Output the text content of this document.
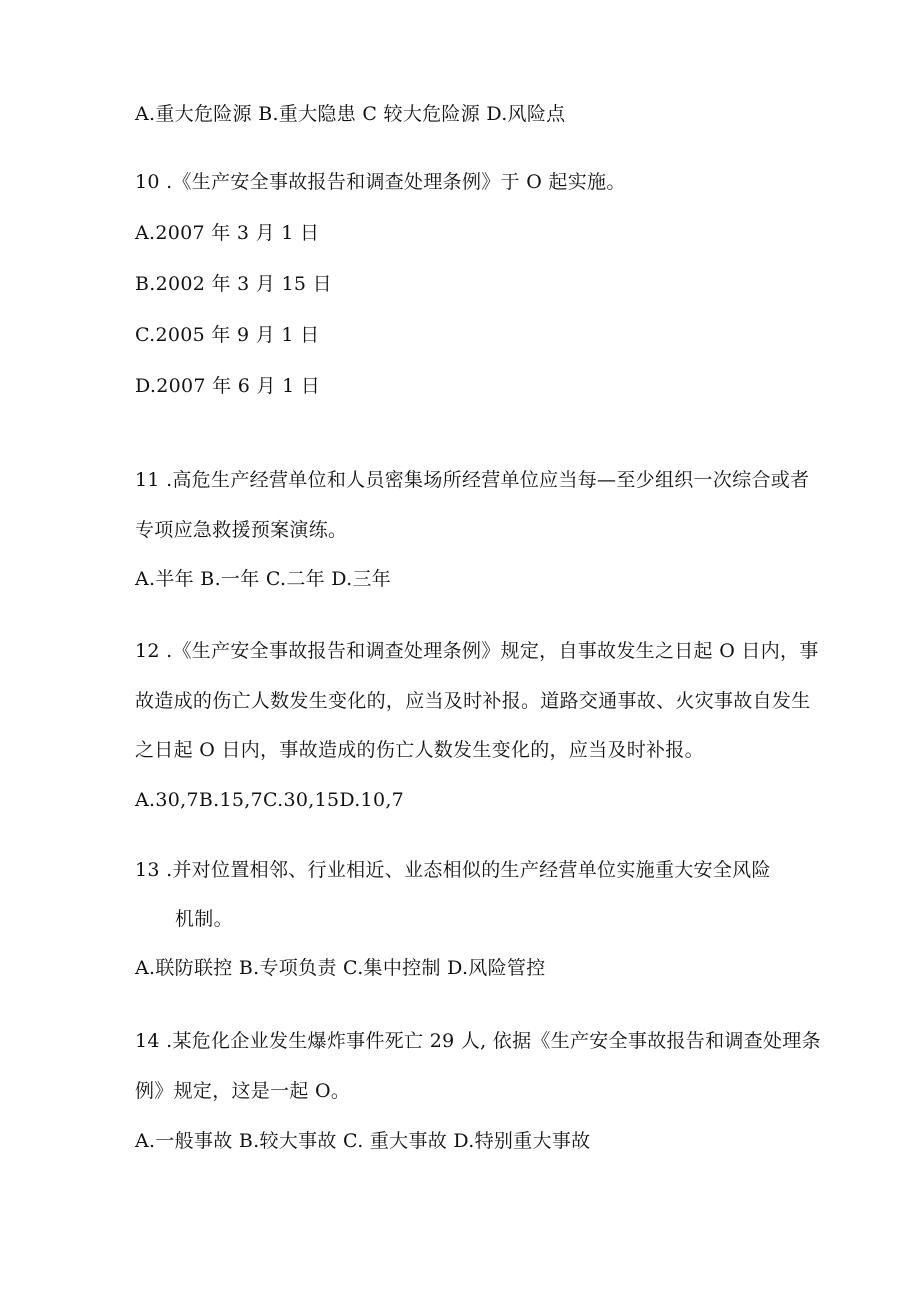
A.重大危险源 B.重大隐患 C 较大危险源 D.风险点
10 .《生产安全事故报告和调查处理条例》于 O 起实施。
A.2007 年 3 月 1 日
B.2002 年 3 月 15 日
C.2005 年 9 月 1 日
D.2007 年 6 月 1 日
11 .高危生产经营单位和人员密集场所经营单位应当每—至少组织一次综合或者
专项应急救援预案演练。
A.半年 B.一年 C.二年 D.三年
12 .《生产安全事故报告和调查处理条例》规定，自事故发生之日起 O 日内，事
故造成的伤亡人数发生变化的，应当及时补报。道路交通事故、火灾事故自发生
之日起 O 日内，事故造成的伤亡人数发生变化的，应当及时补报。
A.30,7B.15,7C.30,15D.10,7
13 .并对位置相邻、行业相近、业态相似的生产经营单位实施重大安全风险
机制。
A.联防联控 B.专项负责 C.集中控制 D.风险管控
14 .某危化企业发生爆炸事件死亡 29 人, 依据《生产安全事故报告和调查处理条
例》规定，这是一起 O。
A.一般事故 B.较大事故 C. 重大事故 D.特别重大事故
